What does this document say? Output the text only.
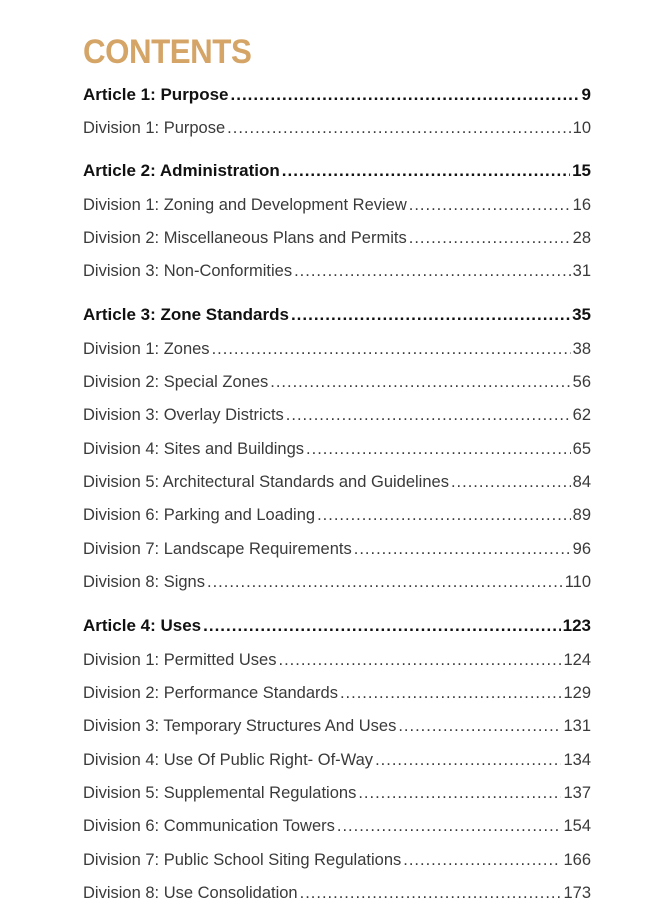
CONTENTS
Article 1: Purpose .....	9
Division 1: Purpose .....	10
Article 2: Administration .....	15
Division 1: Zoning and Development Review .....	16
Division 2: Miscellaneous Plans and Permits .....	28
Division 3: Non-Conformities .....	31
Article 3: Zone Standards .....	35
Division 1: Zones .....	38
Division 2: Special Zones .....	56
Division 3: Overlay Districts .....	62
Division 4: Sites and Buildings .....	65
Division 5: Architectural Standards and Guidelines .....	84
Division 6: Parking and Loading .....	89
Division 7: Landscape Requirements .....	96
Division 8: Signs .....	110
Article 4: Uses .....	123
Division 1: Permitted Uses .....	124
Division 2: Performance Standards .....	129
Division 3: Temporary Structures And Uses .....	131
Division 4: Use Of Public Right- Of-Way .....	134
Division 5: Supplemental Regulations .....	137
Division 6: Communication Towers .....	154
Division 7: Public School Siting Regulations .....	166
Division 8: Use Consolidation .....	173
